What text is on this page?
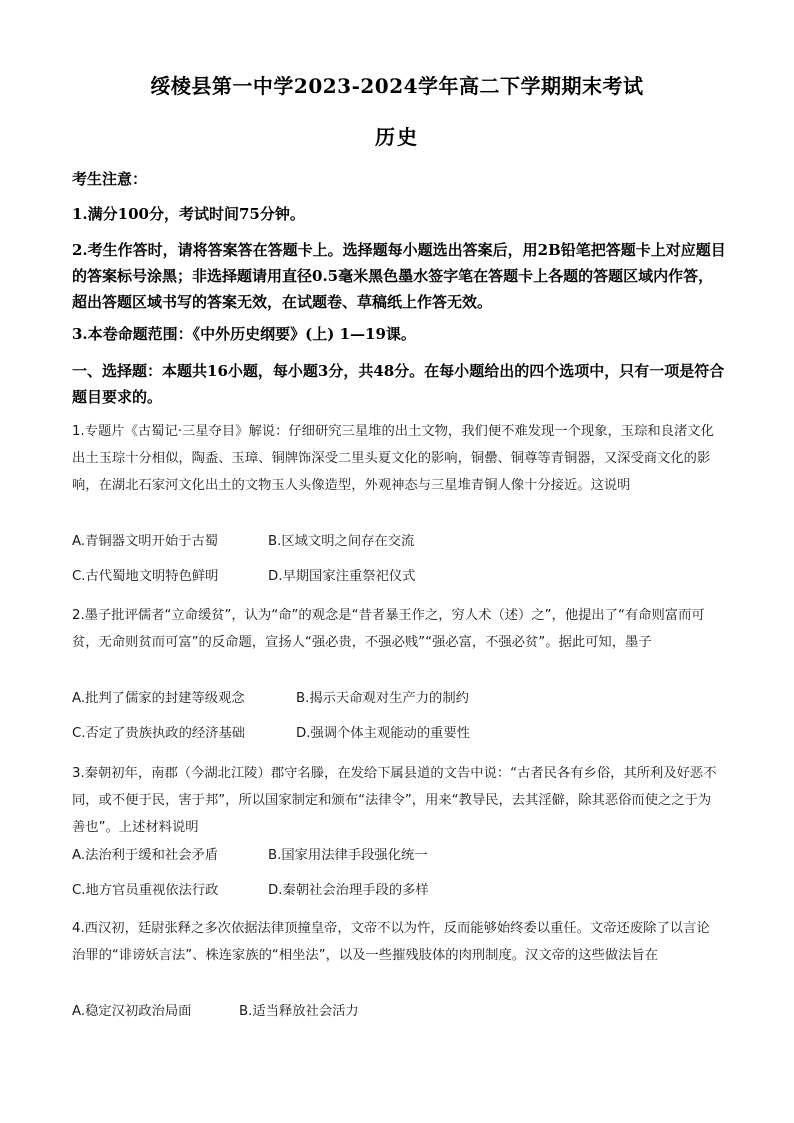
绥棱县第一中学2023-2024学年高二下学期期末考试
历史
考生注意：
1.满分100分，考试时间75分钟。
2.考生作答时，请将答案答在答题卡上。选择题每小题选出答案后，用2B铅笔把答题卡上对应题目的答案标号涂黑；非选择题请用直径0.5毫米黑色墨水签字笔在答题卡上各题的答题区域内作答，超出答题区域书写的答案无效，在试题卷、草稿纸上作答无效。
3.本卷命题范围：《中外历史纲要》(上) 1—19课。
一、选择题：本题共16小题，每小题3分，共48分。在每小题给出的四个选项中，只有一项是符合题目要求的。
1.专题片《古蜀记·三星夺目》解说：仔细研究三星堆的出土文物，我们便不难发现一个现象，玉琮和良渚文化出土玉琮十分相似，陶盉、玉璋、铜牌饰深受二里头夏文化的影响，铜罍、铜尊等青铜器，又深受商文化的影响，在湖北石家河文化出土的文物玉人头像造型，外观神态与三星堆青铜人像十分接近。这说明
A.青铜器文明开始于古蜀	B.区域文明之间存在交流
C.古代蜀地文明特色鲜明	D.早期国家注重祭祀仪式
2.墨子批评儒者“立命缓贫”，认为“命”的观念是“昔者暴王作之，穷人术（述）之”，他提出了“有命则富而可贫，无命则贫而可富”的反命题，宣扬人“强必贵，不强必贱”“强必富，不强必贫”。据此可知，墨子
A.批判了儒家的封建等级观念	B.揭示天命观对生产力的制约
C.否定了贵族执政的经济基础	D.强调个体主观能动的重要性
3.秦朝初年，南郡（今湖北江陵）郡守名滕，在发给下属县道的文告中说：“古者民各有乡俗，其所利及好恶不同，或不便于民，害于邦”，所以国家制定和颁布“法律令”，用来“教导民，去其淫僻，除其恶俗而使之之于为善也”。上述材料说明
A.法治利于缓和社会矛盾	B.国家用法律手段强化统一
C.地方官员重视依法行政	D.秦朝社会治理手段的多样
4.西汉初，廷尉张释之多次依据法律顶撞皇帝，文帝不以为忤，反而能够始终委以重任。文帝还废除了以言论治罪的“诽谤妖言法”、株连家族的“相坐法”，以及一些摧残肢体的肉刑制度。汉文帝的这些做法旨在
A.稳定汉初政治局面	B.适当释放社会活力
